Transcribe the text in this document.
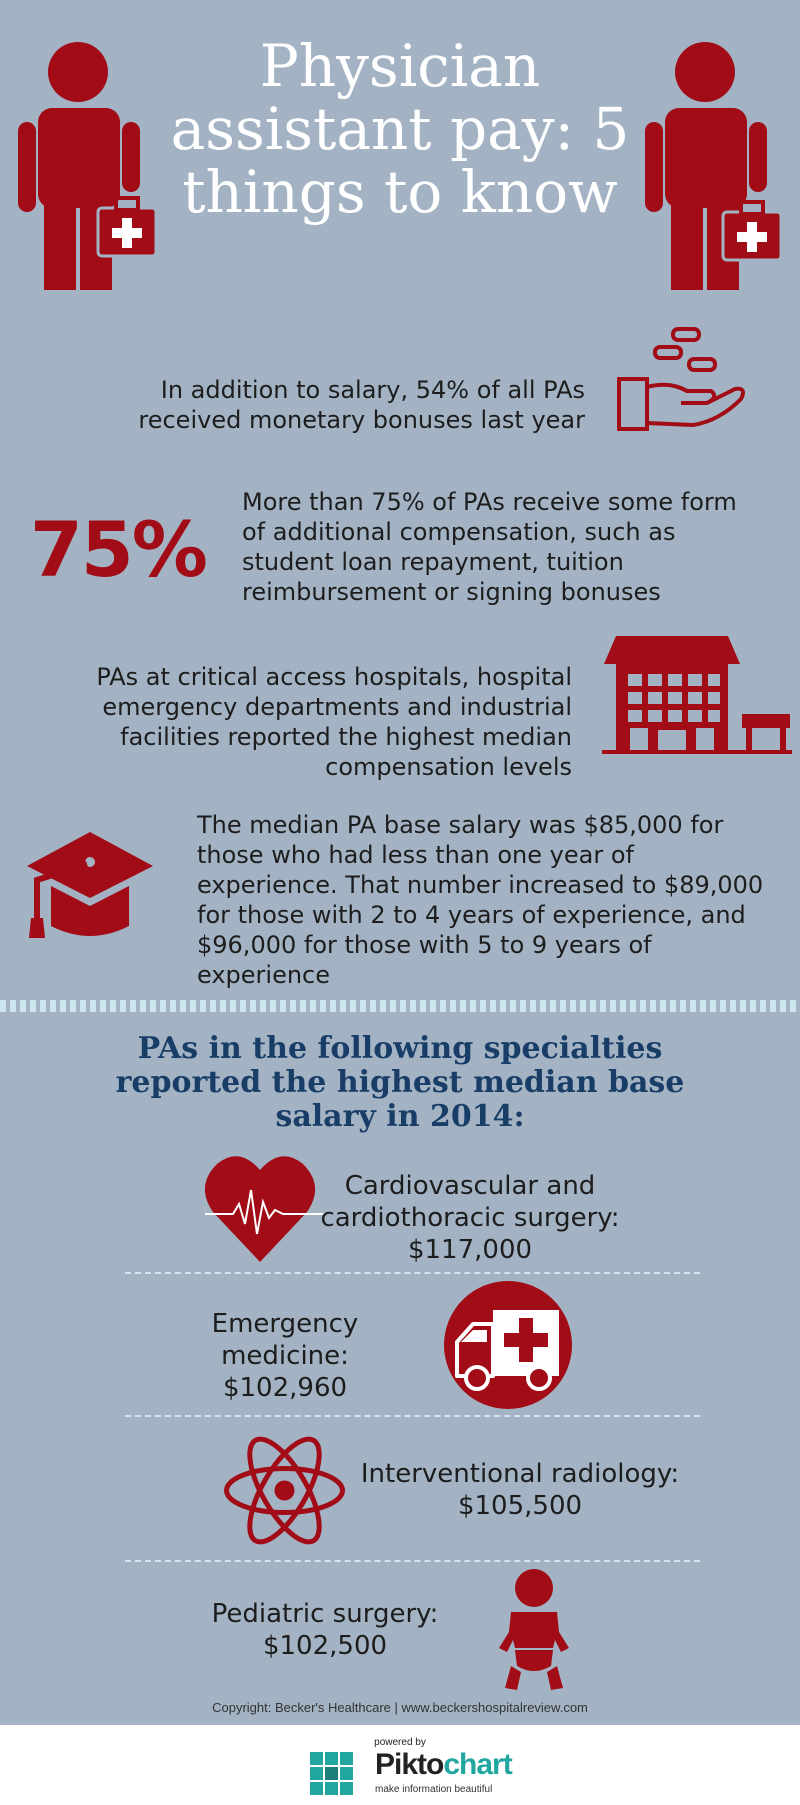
Physician assistant pay: 5 things to know
In addition to salary, 54% of all PAs received monetary bonuses last year
75%
More than 75% of PAs receive some form of additional compensation, such as student loan repayment, tuition reimbursement or signing bonuses
PAs at critical access hospitals, hospital emergency departments and industrial facilities reported the highest median compensation levels
The median PA base salary was $85,000 for those who had less than one year of experience. That number increased to $89,000 for those with 2 to 4 years of experience, and $96,000 for those with 5 to 9 years of experience
PAs in the following specialties reported the highest median base salary in 2014:
Cardiovascular and cardiothoracic surgery:
$117,000
Emergency medicine:
$102,960
Interventional radiology:
$105,500
Pediatric surgery:
$102,500
Copyright: Becker's Healthcare | www.beckershospitalreview.com
powered by
Piktochart
make information beautiful
